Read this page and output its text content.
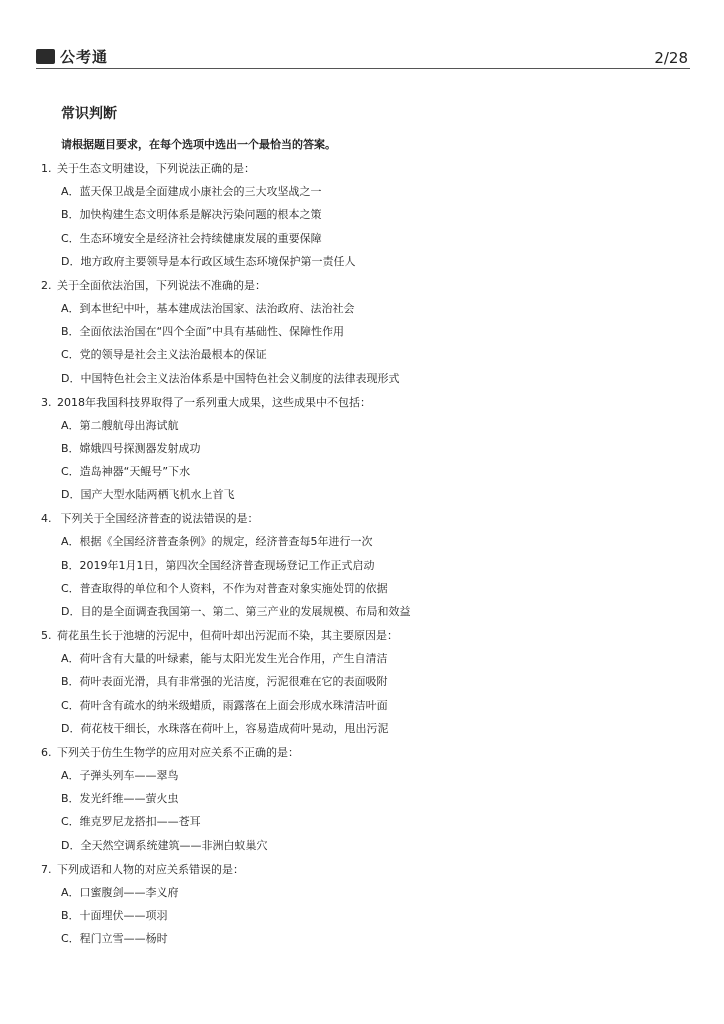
公考通	2/28
常识判断
请根据题目要求，在每个选项中选出一个最恰当的答案。
1. 关于生态文明建设，下列说法正确的是：
A．蓝天保卫战是全面建成小康社会的三大攻坚战之一
B．加快构建生态文明体系是解决污染问题的根本之策
C．生态环境安全是经济社会持续健康发展的重要保障
D．地方政府主要领导是本行政区域生态环境保护第一责任人
2. 关于全面依法治国，下列说法不准确的是：
A．到本世纪中叶，基本建成法治国家、法治政府、法治社会
B．全面依法治国在“四个全面”中具有基础性、保障性作用
C．党的领导是社会主义法治最根本的保证
D．中国特色社会主义法治体系是中国特色社会义制度的法律表现形式
3. 2018年我国科技界取得了一系列重大成果，这些成果中不包括：
A．第二艘航母出海试航
B．嫦娥四号探测器发射成功
C．造岛神器“天鲲号”下水
D．国产大型水陆两栖飞机水上首飞
4. 下列关于全国经济普查的说法错误的是：
A．根据《全国经济普查条例》的规定，经济普查每5年进行一次
B．2019年1月1日，第四次全国经济普查现场登记工作正式启动
C．普查取得的单位和个人资料，不作为对普查对象实施处罚的依据
D．目的是全面调查我国第一、第二、第三产业的发展规模、布局和效益
5. 荷花虽生长于池塘的污泥中，但荷叶却出污泥而不染，其主要原因是：
A．荷叶含有大量的叶绿素，能与太阳光发生光合作用，产生自清洁
B．荷叶表面光滑，具有非常强的光洁度，污泥很难在它的表面吸附
C．荷叶含有疏水的纳米级蜡质，雨露落在上面会形成水珠清洁叶面
D．荷花枝干细长，水珠落在荷叶上，容易造成荷叶晃动，甩出污泥
6. 下列关于仿生生物学的应用对应关系不正确的是：
A．子弹头列车——翠鸟
B．发光纤维——萤火虫
C．维克罗尼龙搭扣——苍耳
D．全天然空调系统建筑——非洲白蚁巢穴
7. 下列成语和人物的对应关系错误的是：
A．口蜜腹剑——李义府
B．十面埋伏——项羽
C．程门立雪——杨时
